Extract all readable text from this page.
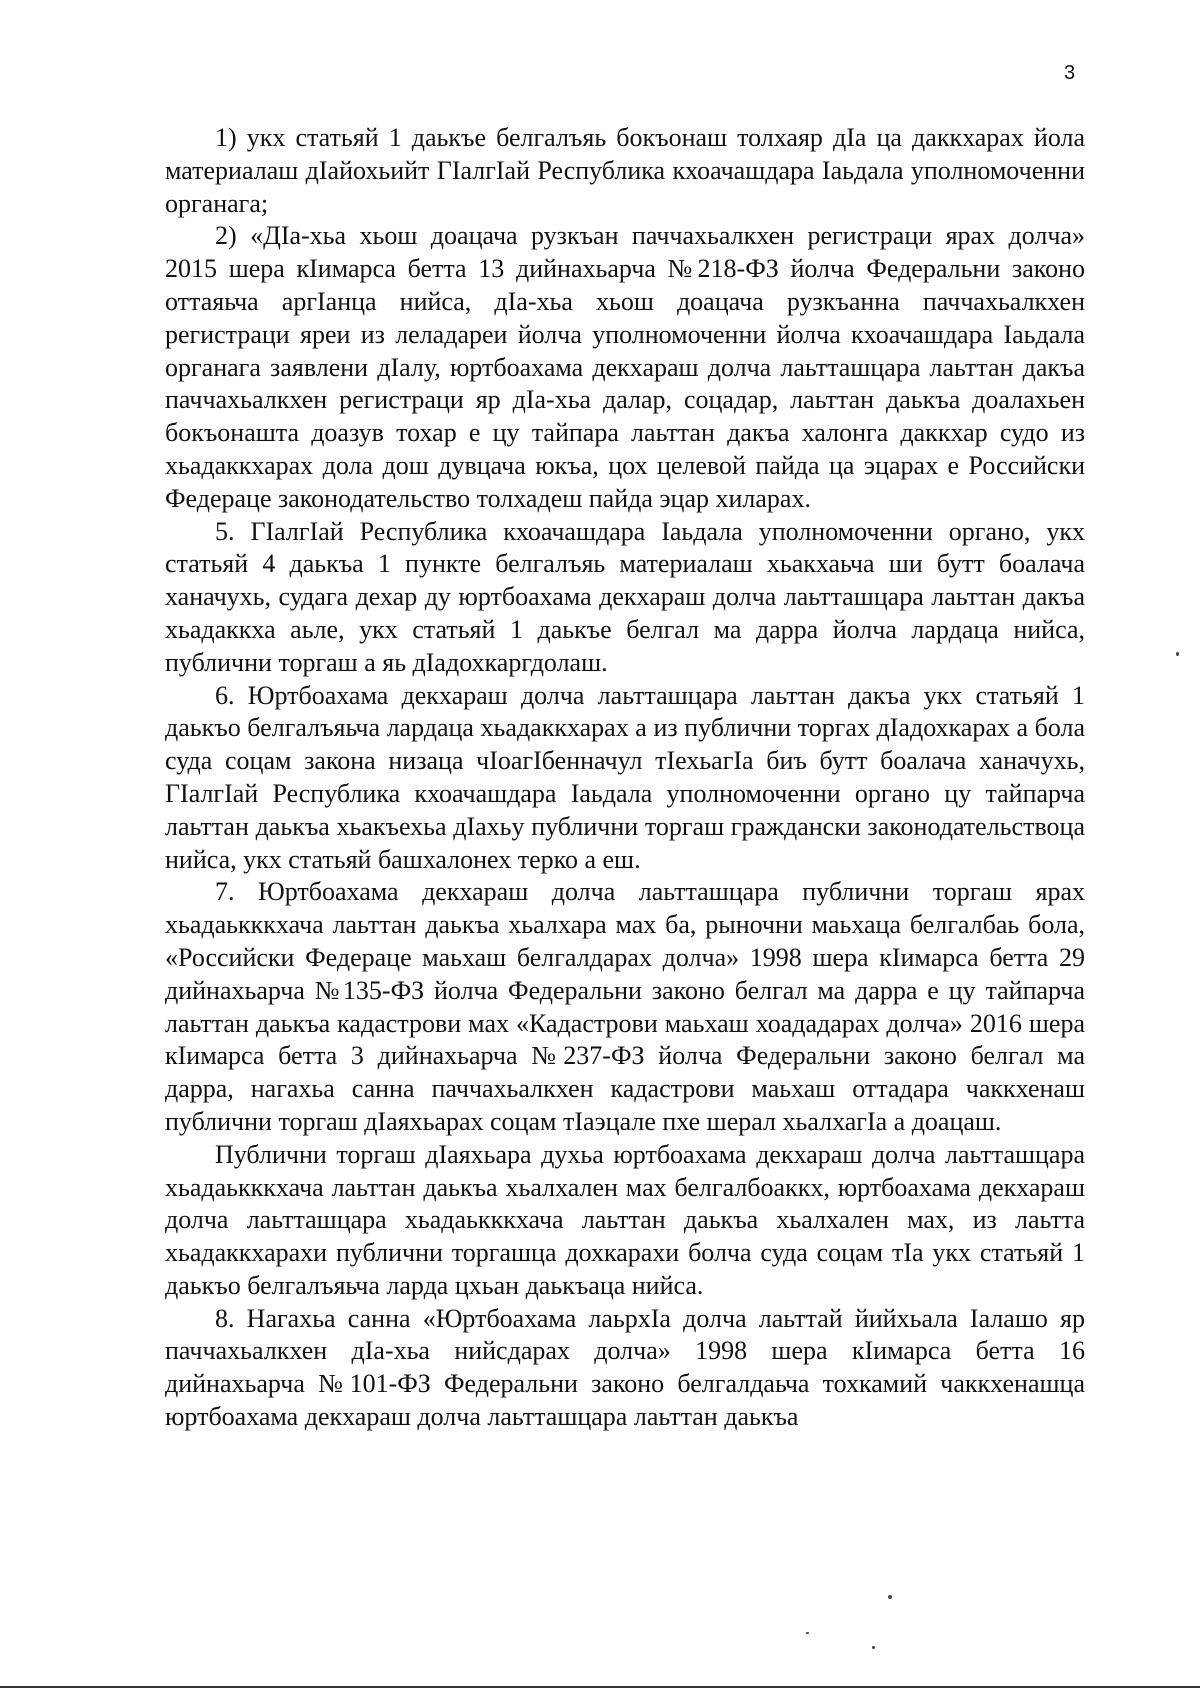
3

1) укх статьяй 1 даькъе белгалъяь бокъонаш толхаяр дIа ца даккхарах йола материалаш дIайохьийт ГIалгIай Республика кхоачашдара Iаьдала уполномоченни органага;

2) «ДIа-хьа хьош доацача рузкъан паччахьалкхен регистраци ярах долча» 2015 шера кIимарса бетта 13 дийнахьарча №218-ФЗ йолча Федеральни законо оттаяьча аргIанца нийса, дIа-хьа хьош доацача рузкъанна паччахьалкхен регистраци яреи из леладареи йолча уполномоченни йолча кхоачашдара Iаьдала органага заявлени дIалу, юртбоахама декхараш долча лаьтташцара лаьттан дакъа паччахьалкхен регистраци яр дIа-хьа далар, соцадар, лаьттан даькъа доалахьен бокъонашта доазув тохар е цу тайпара лаьттан дакъа халонга даккхар судо из хьадаккхарах дола дош дувцача юкъа, цох целевой пайда ца эцарах е Российски Федераце законодательство толхадеш пайда эцар хиларах.

5. ГIалгIай Республика кхоачашдара Iаьдала уполномоченни органо, укх статьяй 4 даькъа 1 пункте белгалъяь материалаш хьакхаьча ши бутт боалача ханачухь, судага дехар ду юртбоахама декхараш долча лаьтташцара лаьттан дакъа хьадаккха аьле, укх статьяй 1 даькъе белгал ма дарра йолча лардаца нийса, публични торгаш а яь дIадохкаргдолаш.

6. Юртбоахама декхараш долча лаьтташцара лаьттан дакъа укх статьяй 1 даькъо белгалъяьча лардаца хьадаккхарах а из публични торгах дIадохкарах а бола суда соцам закона низаца чIоагIбенначул тIехьагIа биъ бутт боалача ханачухь, ГIалгIай Республика кхоачашдара Iаьдала уполномоченни органо цу тайпарча лаьттан даькъа хьакъехьа дIахьу публични торгаш граждански законодательствоца нийса, укх статьяй башхалонех терко а еш.

7. Юртбоахама декхараш долча лаьтташцара публични торгаш ярах хьадаькккхача лаьттан даькъа хьалхара мах ба, рыночни маьхаца белгалбаь бола, «Российски Федераце маьхаш белгалдарах долча» 1998 шера кIимарса бетта 29 дийнахьарча №135-ФЗ йолча Федеральни законо белгал ма дарра е цу тайпарча лаьттан даькъа кадастрови мах «Кадастрови маьхаш хоададарах долча» 2016 шера кIимарса бетта 3 дийнахьарча №237-ФЗ йолча Федеральни законо белгал ма дарра, нагахьа санна паччахьалкхен кадастрови маьхаш оттадара чаккхенаш публични торгаш дIаяхьарах соцам тIаэцале пхе шерал хьалхагIа а доацаш.

Публични торгаш дIаяхьара духьа юртбоахама декхараш долча лаьтташцара хьадаькккхача лаьттан даькъа хьалхален мах белгалбоаккх, юртбоахама декхараш долча лаьтташцара хьадаькккхача лаьттан даькъа хьалхален мах, из лаьтта хьадаккхарахи публични торгашца дохкарахи болча суда соцам тIа укх статьяй 1 даькъо белгалъяьча ларда цхьан даькъаца нийса.

8. Нагахьа санна «Юртбоахама лаьрхIа долча лаьттай йийхьала Iалашо яр паччахьалкхен дIа-хьа нийсдарах долча» 1998 шера кIимарса бетта 16 дийнахьарча №101-ФЗ Федеральни законо белгалдаьча тохкамий чаккхенашца юртбоахама декхараш долча лаьтташцара лаьттан даькъа
